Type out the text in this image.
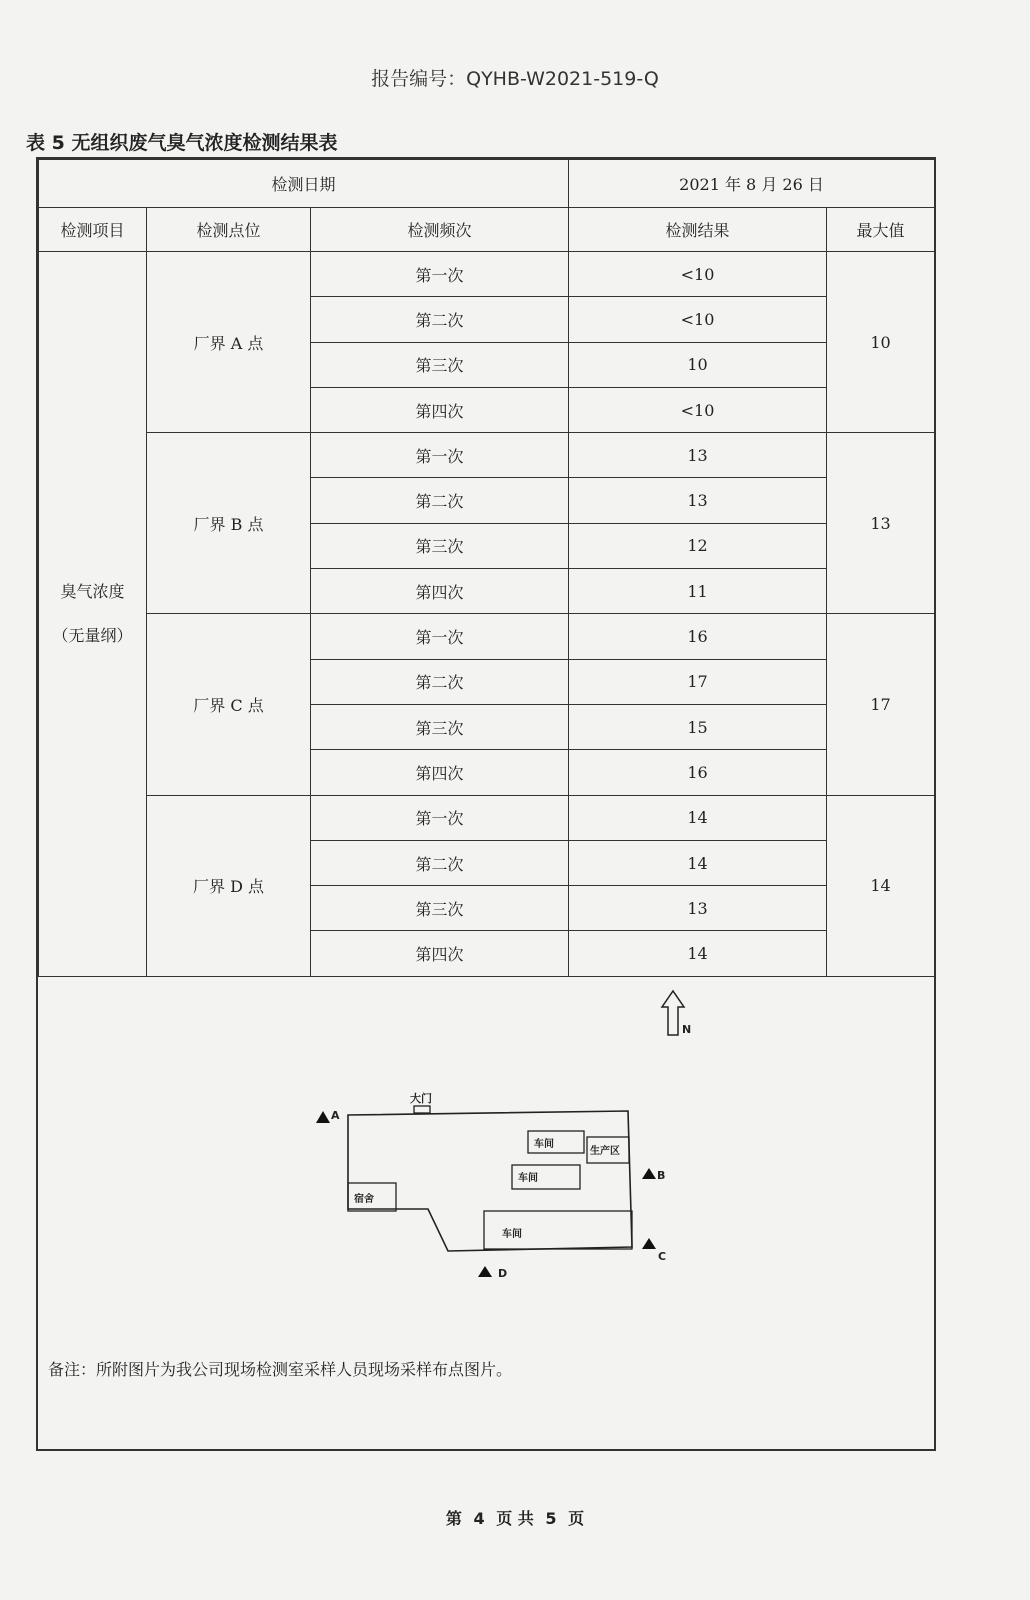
报告编号：QYHB-W2021-519-Q
表 5 无组织废气臭气浓度检测结果表
检测日期			2021 年 8 月 26 日	
检测项目	检测点位	检测频次	检测结果	最大值

臭气浓度
（无量纲）	厂界 A 点	第一次	<10	10
		第二次	<10	
		第三次	10	
		第四次	<10	
	厂界 B 点	第一次	13	13
		第二次	13	
		第三次	12	
		第四次	11	
	厂界 C 点	第一次	16	17
		第二次	17	
		第三次	15	
		第四次	16	
	厂界 D 点	第一次	14	14
		第二次	14	
		第三次	13	
		第四次	14	
N
大门
车间
生产区
车间
宿舍
车间
A
B
C
D
备注：所附图片为我公司现场检测室采样人员现场采样布点图片。
第 4 页 共 5 页
